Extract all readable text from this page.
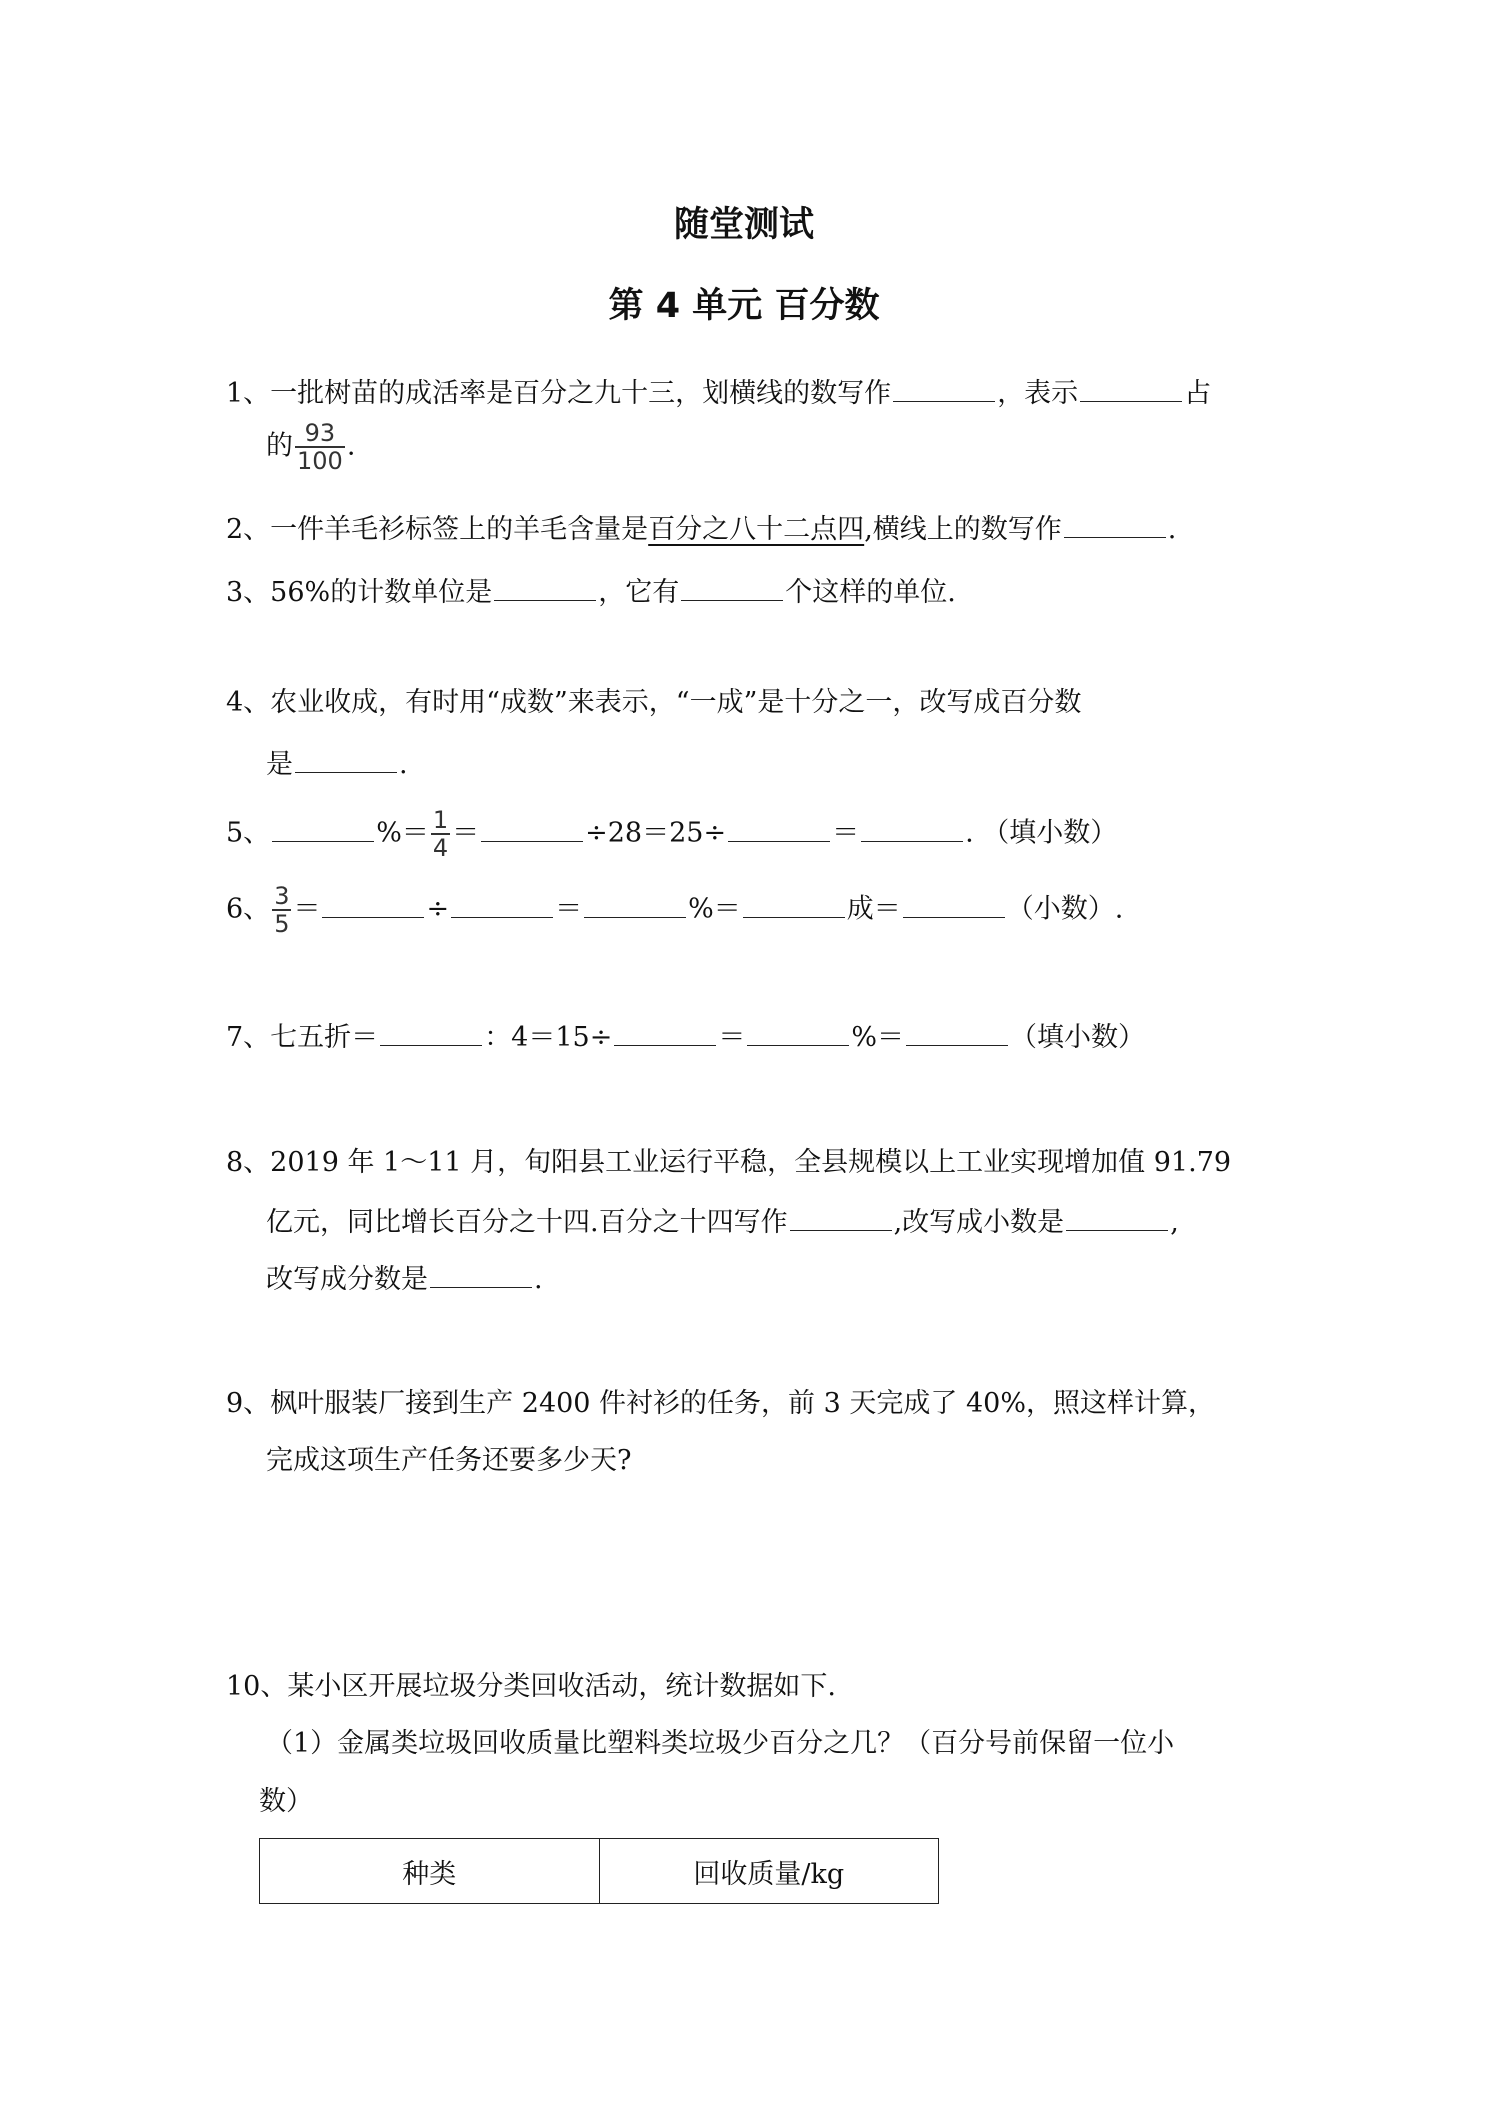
随堂测试
第 4 单元 百分数
1、一批树苗的成活率是百分之九十三，划横线的数写作	，表示	占
的 $\frac{93}{100}$ .
2、一件羊毛衫标签上的羊毛含量是百分之八十二点四,横线上的数写作	.
3、56%的计数单位是	，它有	个这样的单位.
4、农业收成，有时用“成数”来表示，“一成”是十分之一，改写成百分数
是	.
5、	%＝ $\frac{1}{4}$ ＝	÷28＝25÷	＝	. （填小数）
6、 $\frac{3}{5}$ ＝	÷	＝	%＝	成＝	（小数）.
7、七五折＝	：4＝15÷	＝	%＝	（填小数）
8、2019 年 1～11 月，旬阳县工业运行平稳，全县规模以上工业实现增加值 91.79
亿元，同比增长百分之十四.百分之十四写作	,改写成小数是	,
改写成分数是	.
9、枫叶服装厂接到生产 2400 件衬衫的任务，前 3 天完成了 40%，照这样计算，
完成这项生产任务还要多少天?
10、某小区开展垃圾分类回收活动，统计数据如下.
（1）金属类垃圾回收质量比塑料类垃圾少百分之几？（百分号前保留一位小
数）
种类	回收质量/kg
